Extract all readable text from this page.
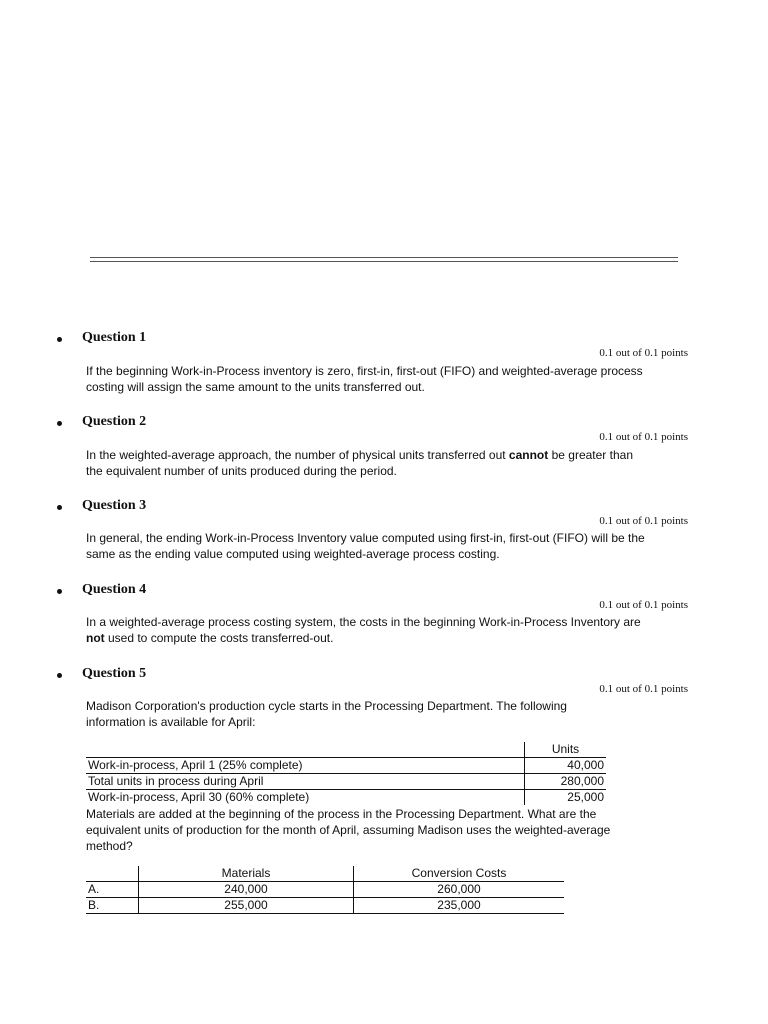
Question 1
0.1 out of 0.1 points
If the beginning Work-in-Process inventory is zero, first-in, first-out (FIFO) and weighted-average process costing will assign the same amount to the units transferred out.
Question 2
0.1 out of 0.1 points
In the weighted-average approach, the number of physical units transferred out cannot be greater than the equivalent number of units produced during the period.
Question 3
0.1 out of 0.1 points
In general, the ending Work-in-Process Inventory value computed using first-in, first-out (FIFO) will be the same as the ending value computed using weighted-average process costing.
Question 4
0.1 out of 0.1 points
In a weighted-average process costing system, the costs in the beginning Work-in-Process Inventory are not used to compute the costs transferred-out.
Question 5
0.1 out of 0.1 points
Madison Corporation's production cycle starts in the Processing Department. The following information is available for April:
	Units
Work-in-process, April 1 (25% complete)	40,000
Total units in process during April	280,000
Work-in-process, April 30 (60% complete)	25,000
Materials are added at the beginning of the process in the Processing Department. What are the equivalent units of production for the month of April, assuming Madison uses the weighted-average method?
	Materials	Conversion Costs
A.	240,000	260,000
B.	255,000	235,000
